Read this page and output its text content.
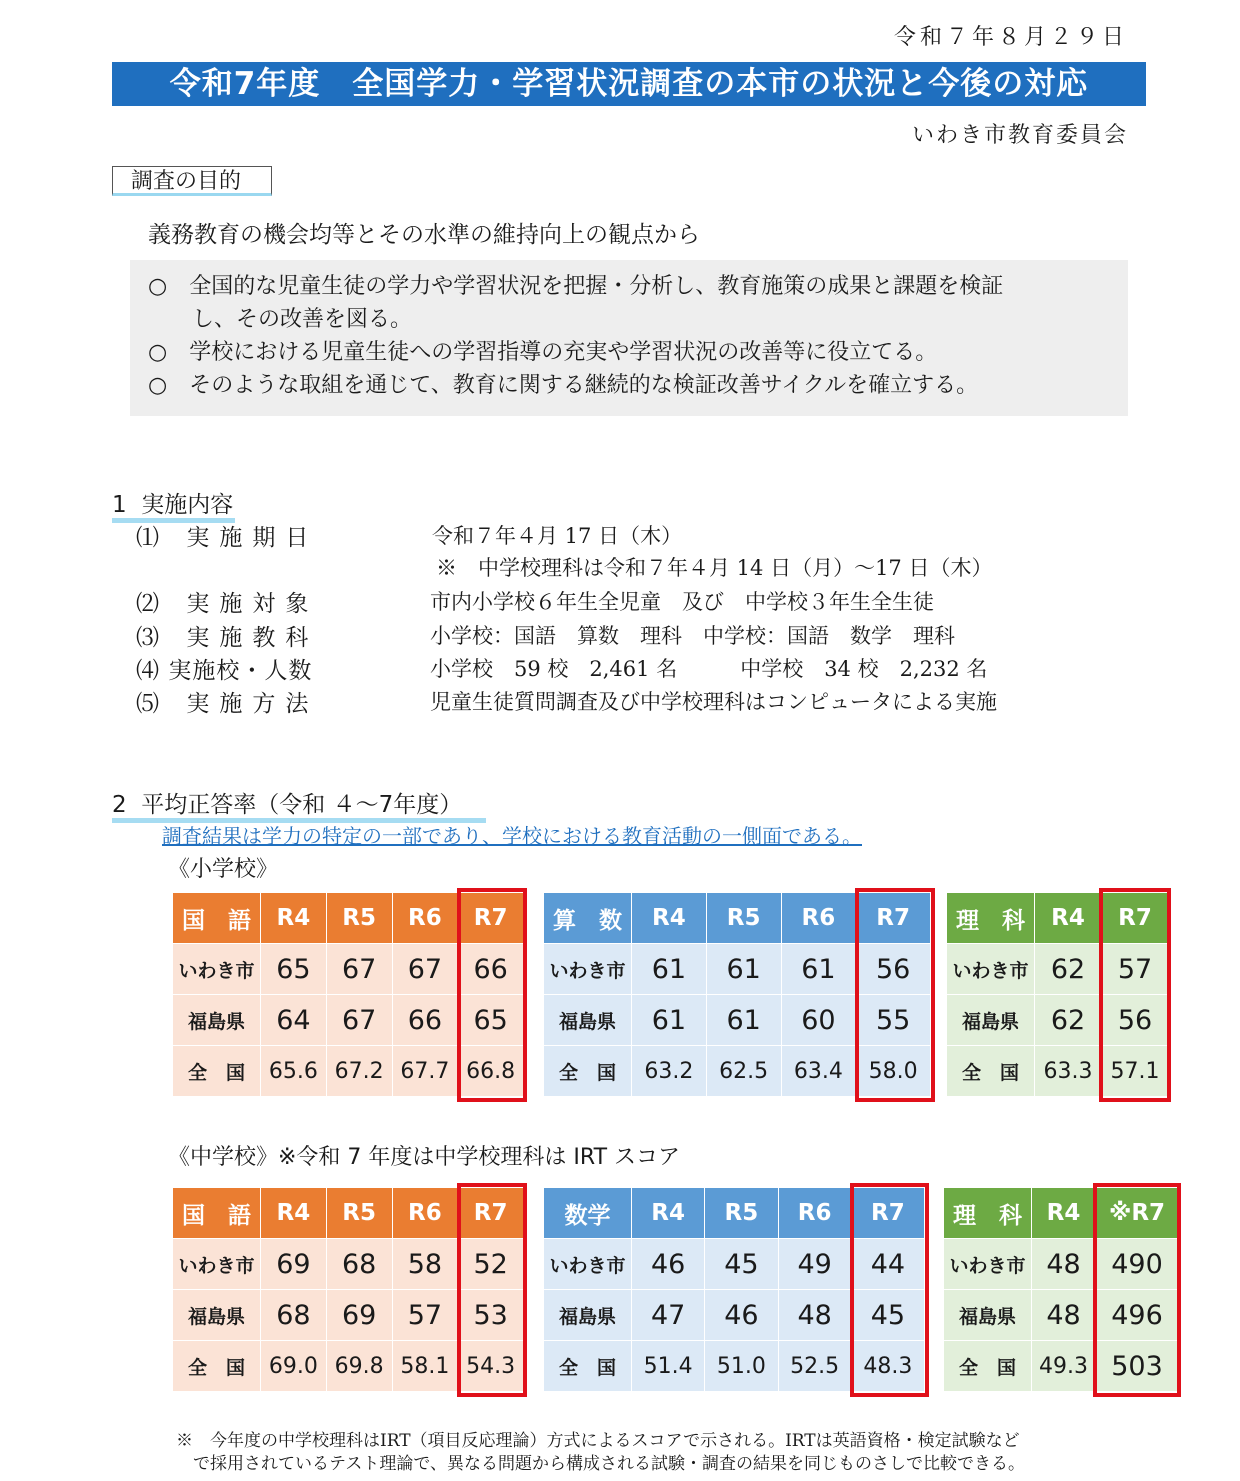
令和７年８月２９日
令和7年度　全国学力・学習状況調査の本市の状況と今後の対応
いわき市教育委員会
調査の目的
義務教育の機会均等とその水準の維持向上の観点から
○　全国的な児童生徒の学力や学習状況を把握・分析し、教育施策の成果と課題を検証
　　し、その改善を図る。
○　学校における児童生徒への学習指導の充実や学習状況の改善等に役立てる。
○　そのような取組を通じて、教育に関する継続的な検証改善サイクルを確立する。
1 実施内容
⑴ 実施期日	令和７年４月 17 日（木）
※　中学校理科は令和７年４月 14 日（月）～17 日（木）
⑵ 実施対象	市内小学校６年生全児童　及び　中学校３年生全生徒
⑶ 実施教科	小学校：国語　算数　理科　中学校：国語　数学　理科
⑷ 実施校・人数	小学校　59 校　2,461 名　　　中学校　34 校　2,232 名
⑸ 実施方法	児童生徒質問調査及び中学校理科はコンピュータによる実施
2 平均正答率（令和 ４～7年度）
調査結果は学力の特定の一部であり、学校における教育活動の一側面である。
《小学校》
国　語	R4	R5	R6	R7
いわき市	65	67	67	66
福島県	64	67	66	65
全　国	65.6	67.2	67.7	66.8
算　数	R4	R5	R6	R7
いわき市	61	61	61	56
福島県	61	61	60	55
全　国	63.2	62.5	63.4	58.0
理　科	R4	R7
いわき市	62	57
福島県	62	56
全　国	63.3	57.1
《中学校》※令和 7 年度は中学校理科は IRT スコア
国　語	R4	R5	R6	R7
いわき市	69	68	58	52
福島県	68	69	57	53
全　国	69.0	69.8	58.1	54.3
数学	R4	R5	R6	R7
いわき市	46	45	49	44
福島県	47	46	48	45
全　国	51.4	51.0	52.5	48.3
理　科	R4	※R7
いわき市	48	490
福島県	48	496
全　国	49.3	503
※　今年度の中学校理科はIRT（項目反応理論）方式によるスコアで示される。IRTは英語資格・検定試験など
　で採用されているテスト理論で、異なる問題から構成される試験・調査の結果を同じものさしで比較できる。
